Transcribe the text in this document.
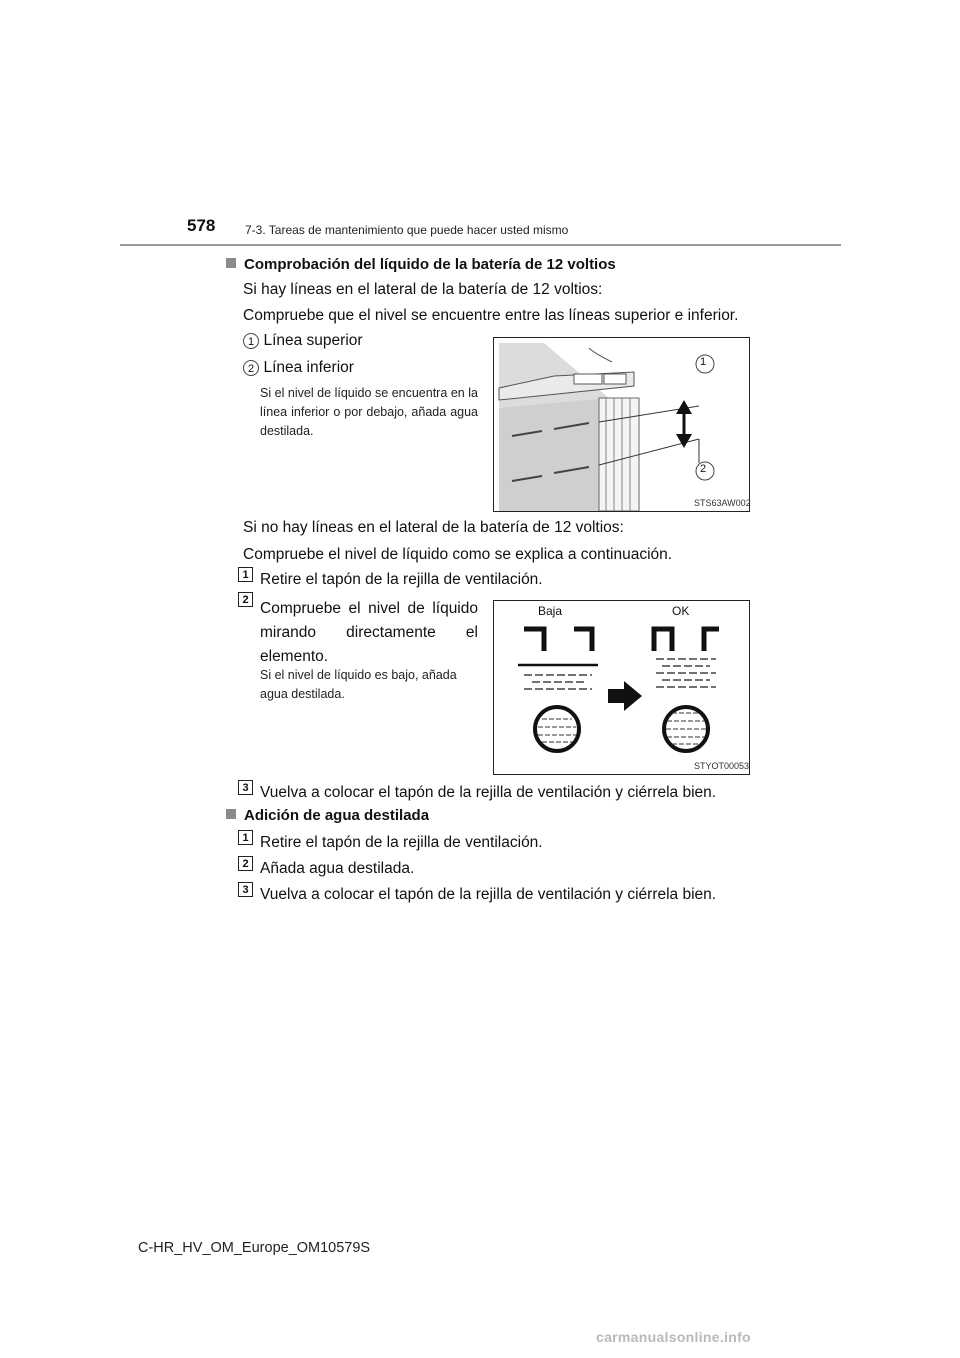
578 7-3. Tareas de mantenimiento que puede hacer usted mismo
Comprobación del líquido de la batería de 12 voltios
Si hay líneas en el lateral de la batería de 12 voltios:
Compruebe que el nivel se encuentre entre las líneas superior e inferior.
1 Línea superior
2 Línea inferior
Si el nivel de líquido se encuentra en la línea inferior o por debajo, añada agua destilada.
1
2
STS63AW002
Si no hay líneas en el lateral de la batería de 12 voltios:
Compruebe el nivel de líquido como se explica a continuación.
1 Retire el tapón de la rejilla de ventilación.
2 Compruebe el nivel de líquido mirando directamente el elemento.
Si el nivel de líquido es bajo, añada agua destilada.
Baja	OK
STYOT00053
3 Vuelva a colocar el tapón de la rejilla de ventilación y ciérrela bien.
Adición de agua destilada
1 Retire el tapón de la rejilla de ventilación.
2 Añada agua destilada.
3 Vuelva a colocar el tapón de la rejilla de ventilación y ciérrela bien.
C-HR_HV_OM_Europe_OM10579S
carmanualsonline.info
